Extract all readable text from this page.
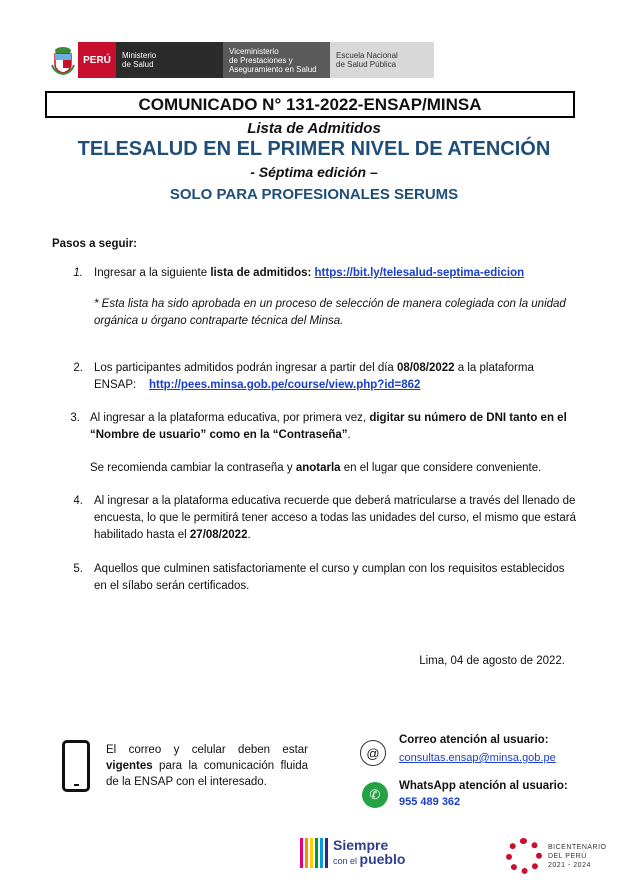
PERÚ	Ministerio
de Salud
Viceministerio
de Prestaciones y
Aseguramiento en Salud
Escuela Nacional
de Salud Pública
COMUNICADO N° 131-2022-ENSAP/MINSA
Lista de Admitidos
TELESALUD EN EL PRIMER NIVEL DE ATENCIÓN
- Séptima edición –
SOLO PARA PROFESIONALES SERUMS
Pasos a seguir:
1. Ingresar a la siguiente lista de admitidos: https://bit.ly/telesalud-septima-edicion
* Esta lista ha sido aprobada en un proceso de selección de manera colegiada con la unidad orgánica u órgano contraparte técnica del Minsa.
2. Los participantes admitidos podrán ingresar a partir del día 08/08/2022 a la plataforma ENSAP: http://pees.minsa.gob.pe/course/view.php?id=862
3. Al ingresar a la plataforma educativa, por primera vez, digitar su número de DNI tanto en el “Nombre de usuario” como en la “Contraseña”.
Se recomienda cambiar la contraseña y anotarla en el lugar que considere conveniente.
4. Al ingresar a la plataforma educativa recuerde que deberá matricularse a través del llenado de encuesta, lo que le permitirá tener acceso a todas las unidades del curso, el mismo que estará habilitado hasta el 27/08/2022.
5. Aquellos que culminen satisfactoriamente el curso y cumplan con los requisitos establecidos en el sílabo serán certificados.
Lima, 04 de agosto de 2022.
El correo y celular deben estar vigentes para la comunicación fluida de la ENSAP con el interesado.
@
Correo atención al usuario:
consultas.ensap@minsa.gob.pe
✆
WhatsApp atención al usuario:
955 489 362
Siempre
con el pueblo
BICENTENARIO
DEL PERÚ
2021 - 2024
